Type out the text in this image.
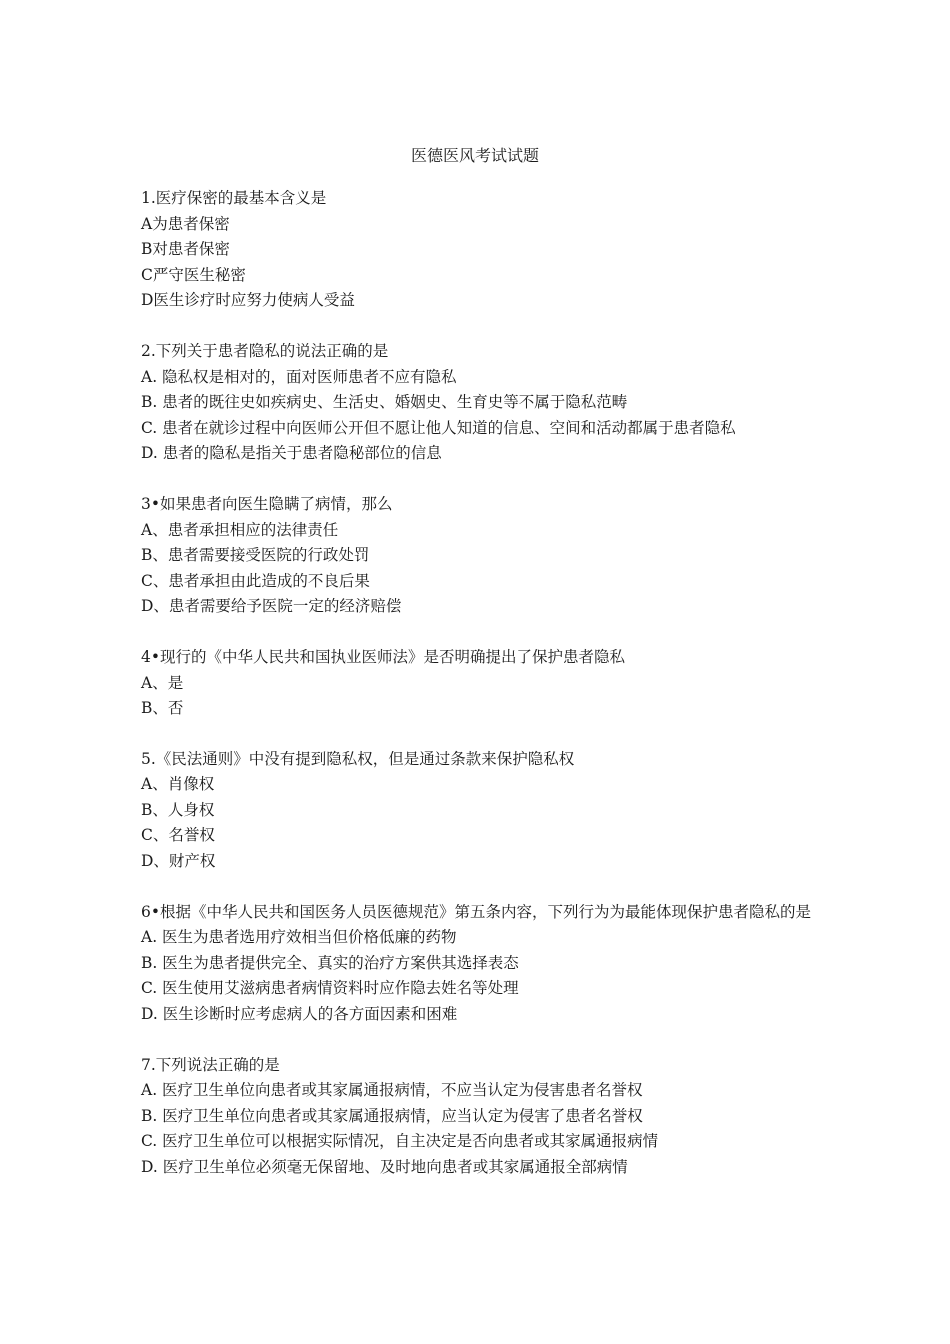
医德医风考试试题
1.医疗保密的最基本含义是
A为患者保密
B对患者保密
C严守医生秘密
D医生诊疗时应努力使病人受益
2.下列关于患者隐私的说法正确的是
A. 隐私权是相对的，面对医师患者不应有隐私
B. 患者的既往史如疾病史、生活史、婚姻史、生育史等不属于隐私范畴
C. 患者在就诊过程中向医师公开但不愿让他人知道的信息、空间和活动都属于患者隐私
D. 患者的隐私是指关于患者隐秘部位的信息
3•如果患者向医生隐瞒了病情，那么
A、患者承担相应的法律责任
B、患者需要接受医院的行政处罚
C、患者承担由此造成的不良后果
D、患者需要给予医院一定的经济赔偿
4•现行的《中华人民共和国执业医师法》是否明确提出了保护患者隐私
A、是
B、否
5.《民法通则》中没有提到隐私权，但是通过条款来保护隐私权
A、肖像权
B、人身权
C、名誉权
D、财产权
6•根据《中华人民共和国医务人员医德规范》第五条内容，下列行为为最能体现保护患者隐私的是
A. 医生为患者选用疗效相当但价格低廉的药物
B. 医生为患者提供完全、真实的治疗方案供其选择表态
C. 医生使用艾滋病患者病情资料时应作隐去姓名等处理
D. 医生诊断时应考虑病人的各方面因素和困难
7.下列说法正确的是
A. 医疗卫生单位向患者或其家属通报病情，不应当认定为侵害患者名誉权
B. 医疗卫生单位向患者或其家属通报病情，应当认定为侵害了患者名誉权
C. 医疗卫生单位可以根据实际情况，自主决定是否向患者或其家属通报病情
D. 医疗卫生单位必须毫无保留地、及时地向患者或其家属通报全部病情
